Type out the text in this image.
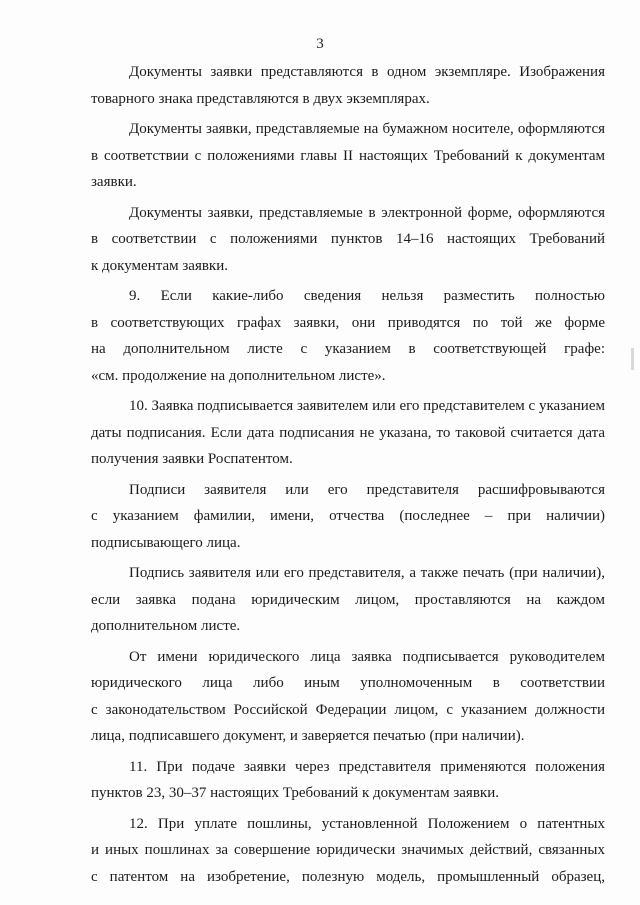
3

Документы заявки представляются в одном экземпляре. Изображения
товарного знака представляются в двух экземплярах.

Документы заявки, представляемые на бумажном носителе, оформляются
в соответствии с положениями главы II настоящих Требований к документам
заявки.

Документы заявки, представляемые в электронной форме, оформляются
в соответствии с положениями пунктов 14–16 настоящих Требований
к документам заявки.

9. Если какие-либо сведения нельзя разместить полностью
в соответствующих графах заявки, они приводятся по той же форме
на дополнительном листе с указанием в соответствующей графе:
«см. продолжение на дополнительном листе».

10. Заявка подписывается заявителем или его представителем с указанием
даты подписания. Если дата подписания не указана, то таковой считается дата
получения заявки Роспатентом.

Подписи заявителя или его представителя расшифровываются
с указанием фамилии, имени, отчества (последнее – при наличии)
подписывающего лица.

Подпись заявителя или его представителя, а также печать (при наличии),
если заявка подана юридическим лицом, проставляются на каждом
дополнительном листе.

От имени юридического лица заявка подписывается руководителем
юридического лица либо иным уполномоченным в соответствии
с законодательством Российской Федерации лицом, с указанием должности
лица, подписавшего документ, и заверяется печатью (при наличии).

11. При подаче заявки через представителя применяются положения
пунктов 23, 30–37 настоящих Требований к документам заявки.

12. При уплате пошлины, установленной Положением о патентных
и иных пошлинах за совершение юридически значимых действий, связанных
с патентом на изобретение, полезную модель, промышленный образец,
